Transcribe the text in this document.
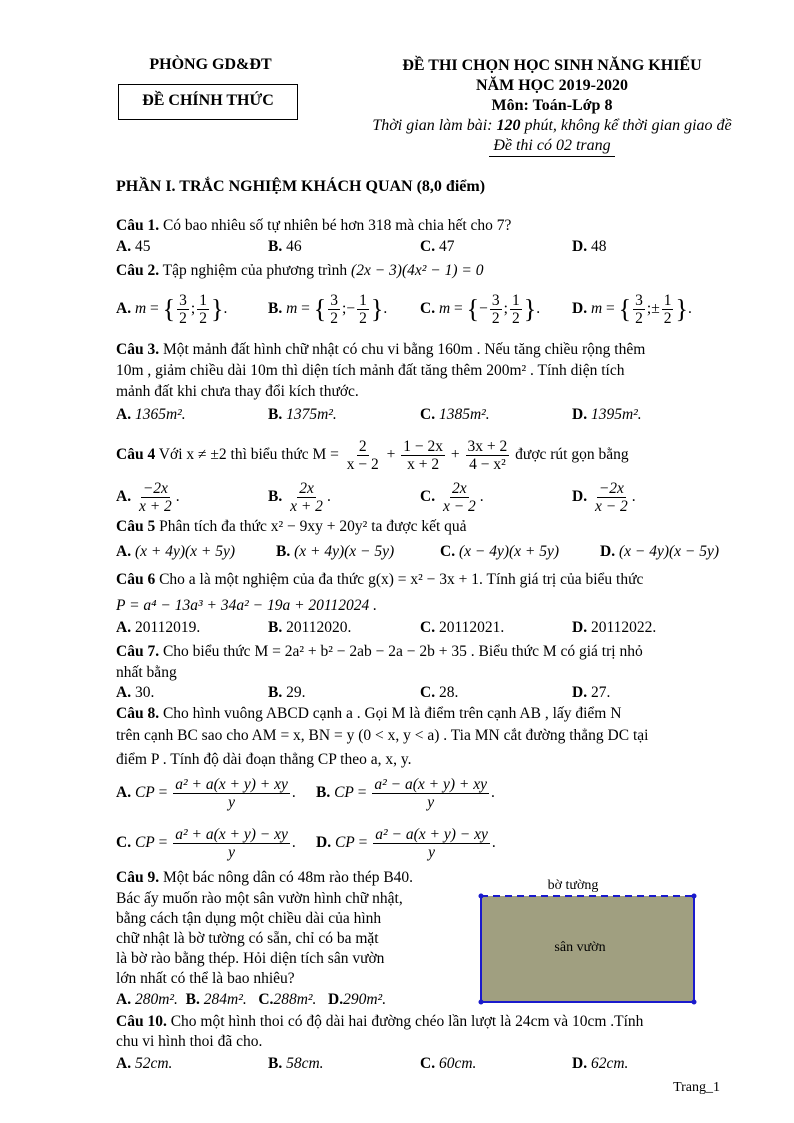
PHÒNG GD&ĐT
ĐỀ CHÍNH THỨC
ĐỀ THI CHỌN HỌC SINH NĂNG KHIẾU
NĂM HỌC 2019-2020
Môn: Toán-Lớp 8
Thời gian làm bài: 120 phút, không kể thời gian giao đề
Đề thi có 02 trang
PHẦN I. TRẮC NGHIỆM KHÁCH QUAN (8,0 điểm)
Câu 1. Có bao nhiêu số tự nhiên bé hơn 318 mà chia hết cho 7?
A. 45	B. 46	C. 47	D. 48
Câu 2. Tập nghiệm của phương trình (2x − 3)(4x² − 1) = 0
A. m = { $\frac{3}{2}$ ; $\frac{1}{2}$ }.	B. m = { $\frac{3}{2}$ ;− $\frac{1}{2}$ }. C. m = {− $\frac{3}{2}$ ; $\frac{1}{2}$ }. D. m = { $\frac{3}{2}$ ;± $\frac{1}{2}$ }.
Câu 3. Một mảnh đất hình chữ nhật có chu vi bằng 160m . Nếu tăng chiều rộng thêm
10m , giảm chiều dài 10m thì diện tích mảnh đất tăng thêm 200m² . Tính diện tích
mảnh đất khi chưa thay đổi kích thước.
A. 1365m².	B. 1375m².	C. 1385m².	D. 1395m².
Câu 4 Với x ≠ ±2 thì biểu thức $M = \frac{2}{x - 2} + \frac{1 - 2x}{x + 2} + \frac{3x + 2}{\text{4 − x²}}$ được rút gọn bằng
A. $\frac{-2x}{x + 2}$ .	B. $\frac{2x}{x + 2}$ .	C. $\frac{2x}{x - 2}$ .	D. $\frac{-2x}{x - 2}$ .
Câu 5 Phân tích đa thức x² − 9xy + 20y² ta được kết quả
A. (x + 4y)(x + 5y)	B. (x + 4y)(x − 5y)	C. (x − 4y)(x + 5y)	D. (x − 4y)(x − 5y)
Câu 6 Cho a là một nghiệm của đa thức g(x) = x² − 3x + 1. Tính giá trị của biểu thức
P = a⁴ − 13a³ + 34a² − 19a + 20112024 .
A. 20112019.	B. 20112020.	C. 20112021.	D. 20112022.
Câu 7. Cho biểu thức M = 2a² + b² − 2ab − 2a − 2b + 35 . Biểu thức M có giá trị nhỏ
nhất bằng
A. 30.	B. 29.	C. 28.	D. 27.
Câu 8. Cho hình vuông ABCD cạnh a . Gọi M là điểm trên cạnh AB , lấy điểm N
trên cạnh BC sao cho AM = x, BN = y (0 < x, y < a) . Tia MN cắt đường thẳng DC tại
điểm P . Tính độ dài đoạn thẳng CP theo a, x, y.
A. CP = $\frac{\text{a² + a(x + y) + xy}}{y}$ . B. CP = $\frac{\text{a² − a(x + y) + xy}}{y}$ .
C. CP = $\frac{\text{a² + a(x + y) − xy}}{y}$ . D. CP = $\frac{\text{a² − a(x + y) − xy}}{y}$ .
Câu 9. Một bác nông dân có 48m rào thép B40.
Bác ấy muốn rào một sân vườn hình chữ nhật,
bằng cách tận dụng một chiều dài của hình
chữ nhật là bờ tường có sẵn, chỉ có ba mặt
là bờ rào bằng thép. Hỏi diện tích sân vườn
lớn nhất có thể là bao nhiêu?
A. 280m². B. 284m². C.288m². D.290m².
bờ tường
sân vườn
Câu 10. Cho một hình thoi có độ dài hai đường chéo lần lượt là 24cm và 10cm .Tính
chu vi hình thoi đã cho.
A. 52cm.	B. 58cm.	C. 60cm.	D. 62cm.
Trang_1
